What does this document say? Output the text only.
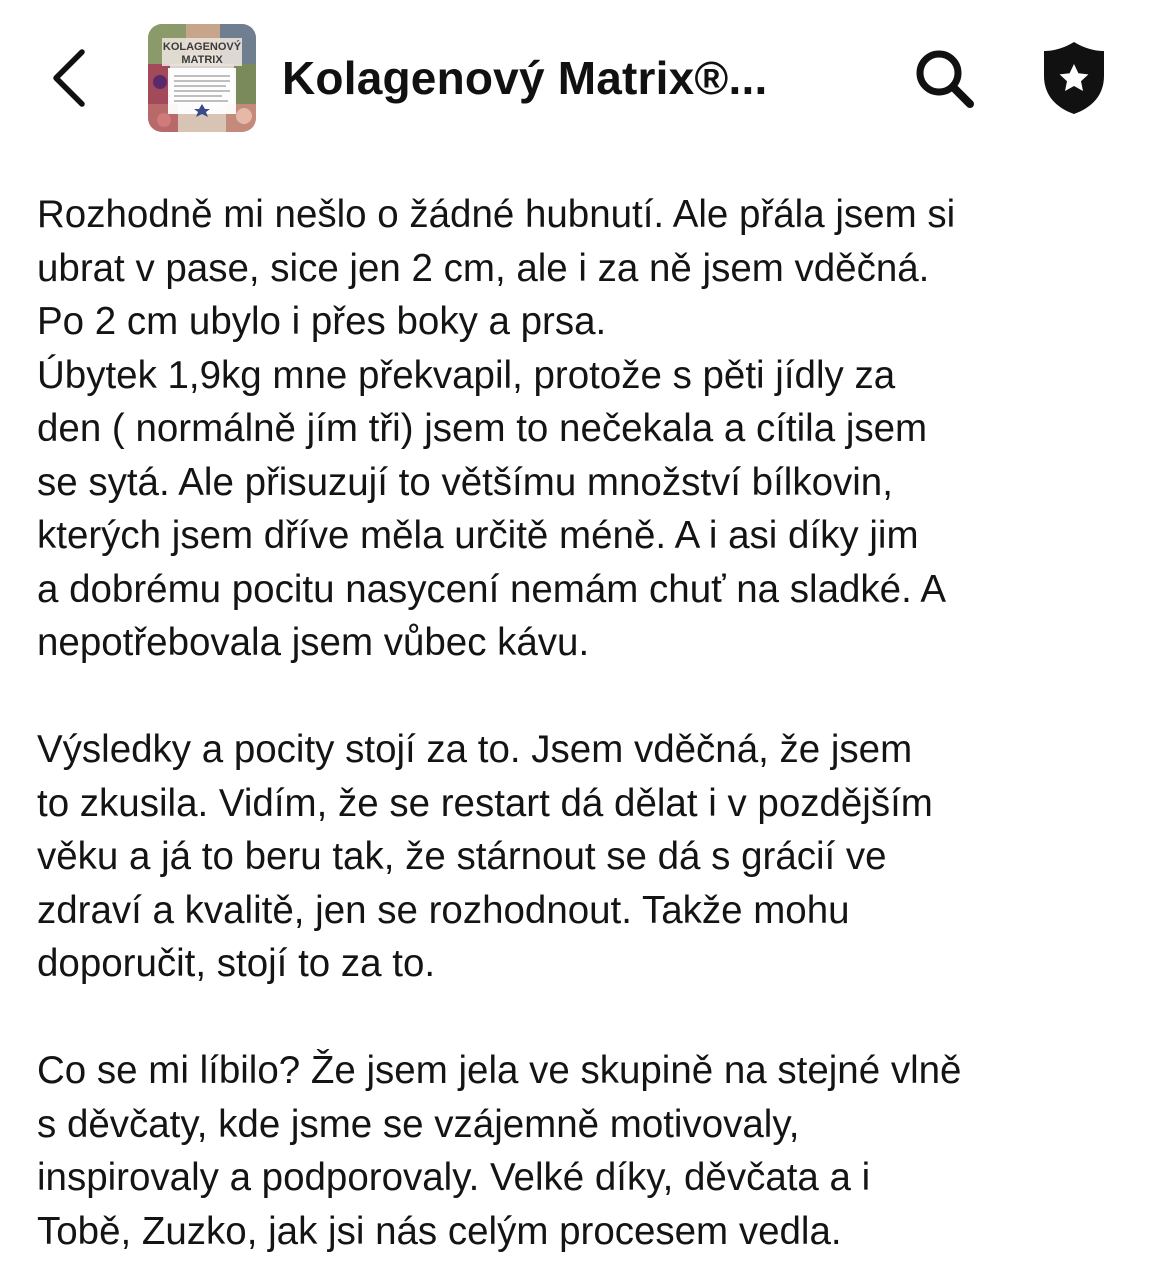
KOLAGENOVÝ
MATRIX Kolagenový Matrix®...

Rozhodně mi nešlo o žádné hubnutí. Ale přála jsem si
ubrat v pase, sice jen 2 cm, ale i za ně jsem vděčná.
Po 2 cm ubylo i přes boky a prsa.
Úbytek 1,9kg mne překvapil, protože s pěti jídly za
den ( normálně jím tři) jsem to nečekala a cítila jsem
se sytá. Ale přisuzují to většímu množství bílkovin,
kterých jsem dříve měla určitě méně. A i asi díky jim
a dobrému pocitu nasycení nemám chuť na sladké. A
nepotřebovala jsem vůbec kávu.

Výsledky a pocity stojí za to. Jsem vděčná, že jsem
to zkusila. Vidím, že se restart dá dělat i v pozdějším
věku a já to beru tak, že stárnout se dá s grácií ve
zdraví a kvalitě, jen se rozhodnout. Takže mohu
doporučit, stojí to za to.

Co se mi líbilo? Že jsem jela ve skupině na stejné vlně
s děvčaty, kde jsme se vzájemně motivovaly,
inspirovaly a podporovaly. Velké díky, děvčata a i
Tobě, Zuzko, jak jsi nás celým procesem vedla.
